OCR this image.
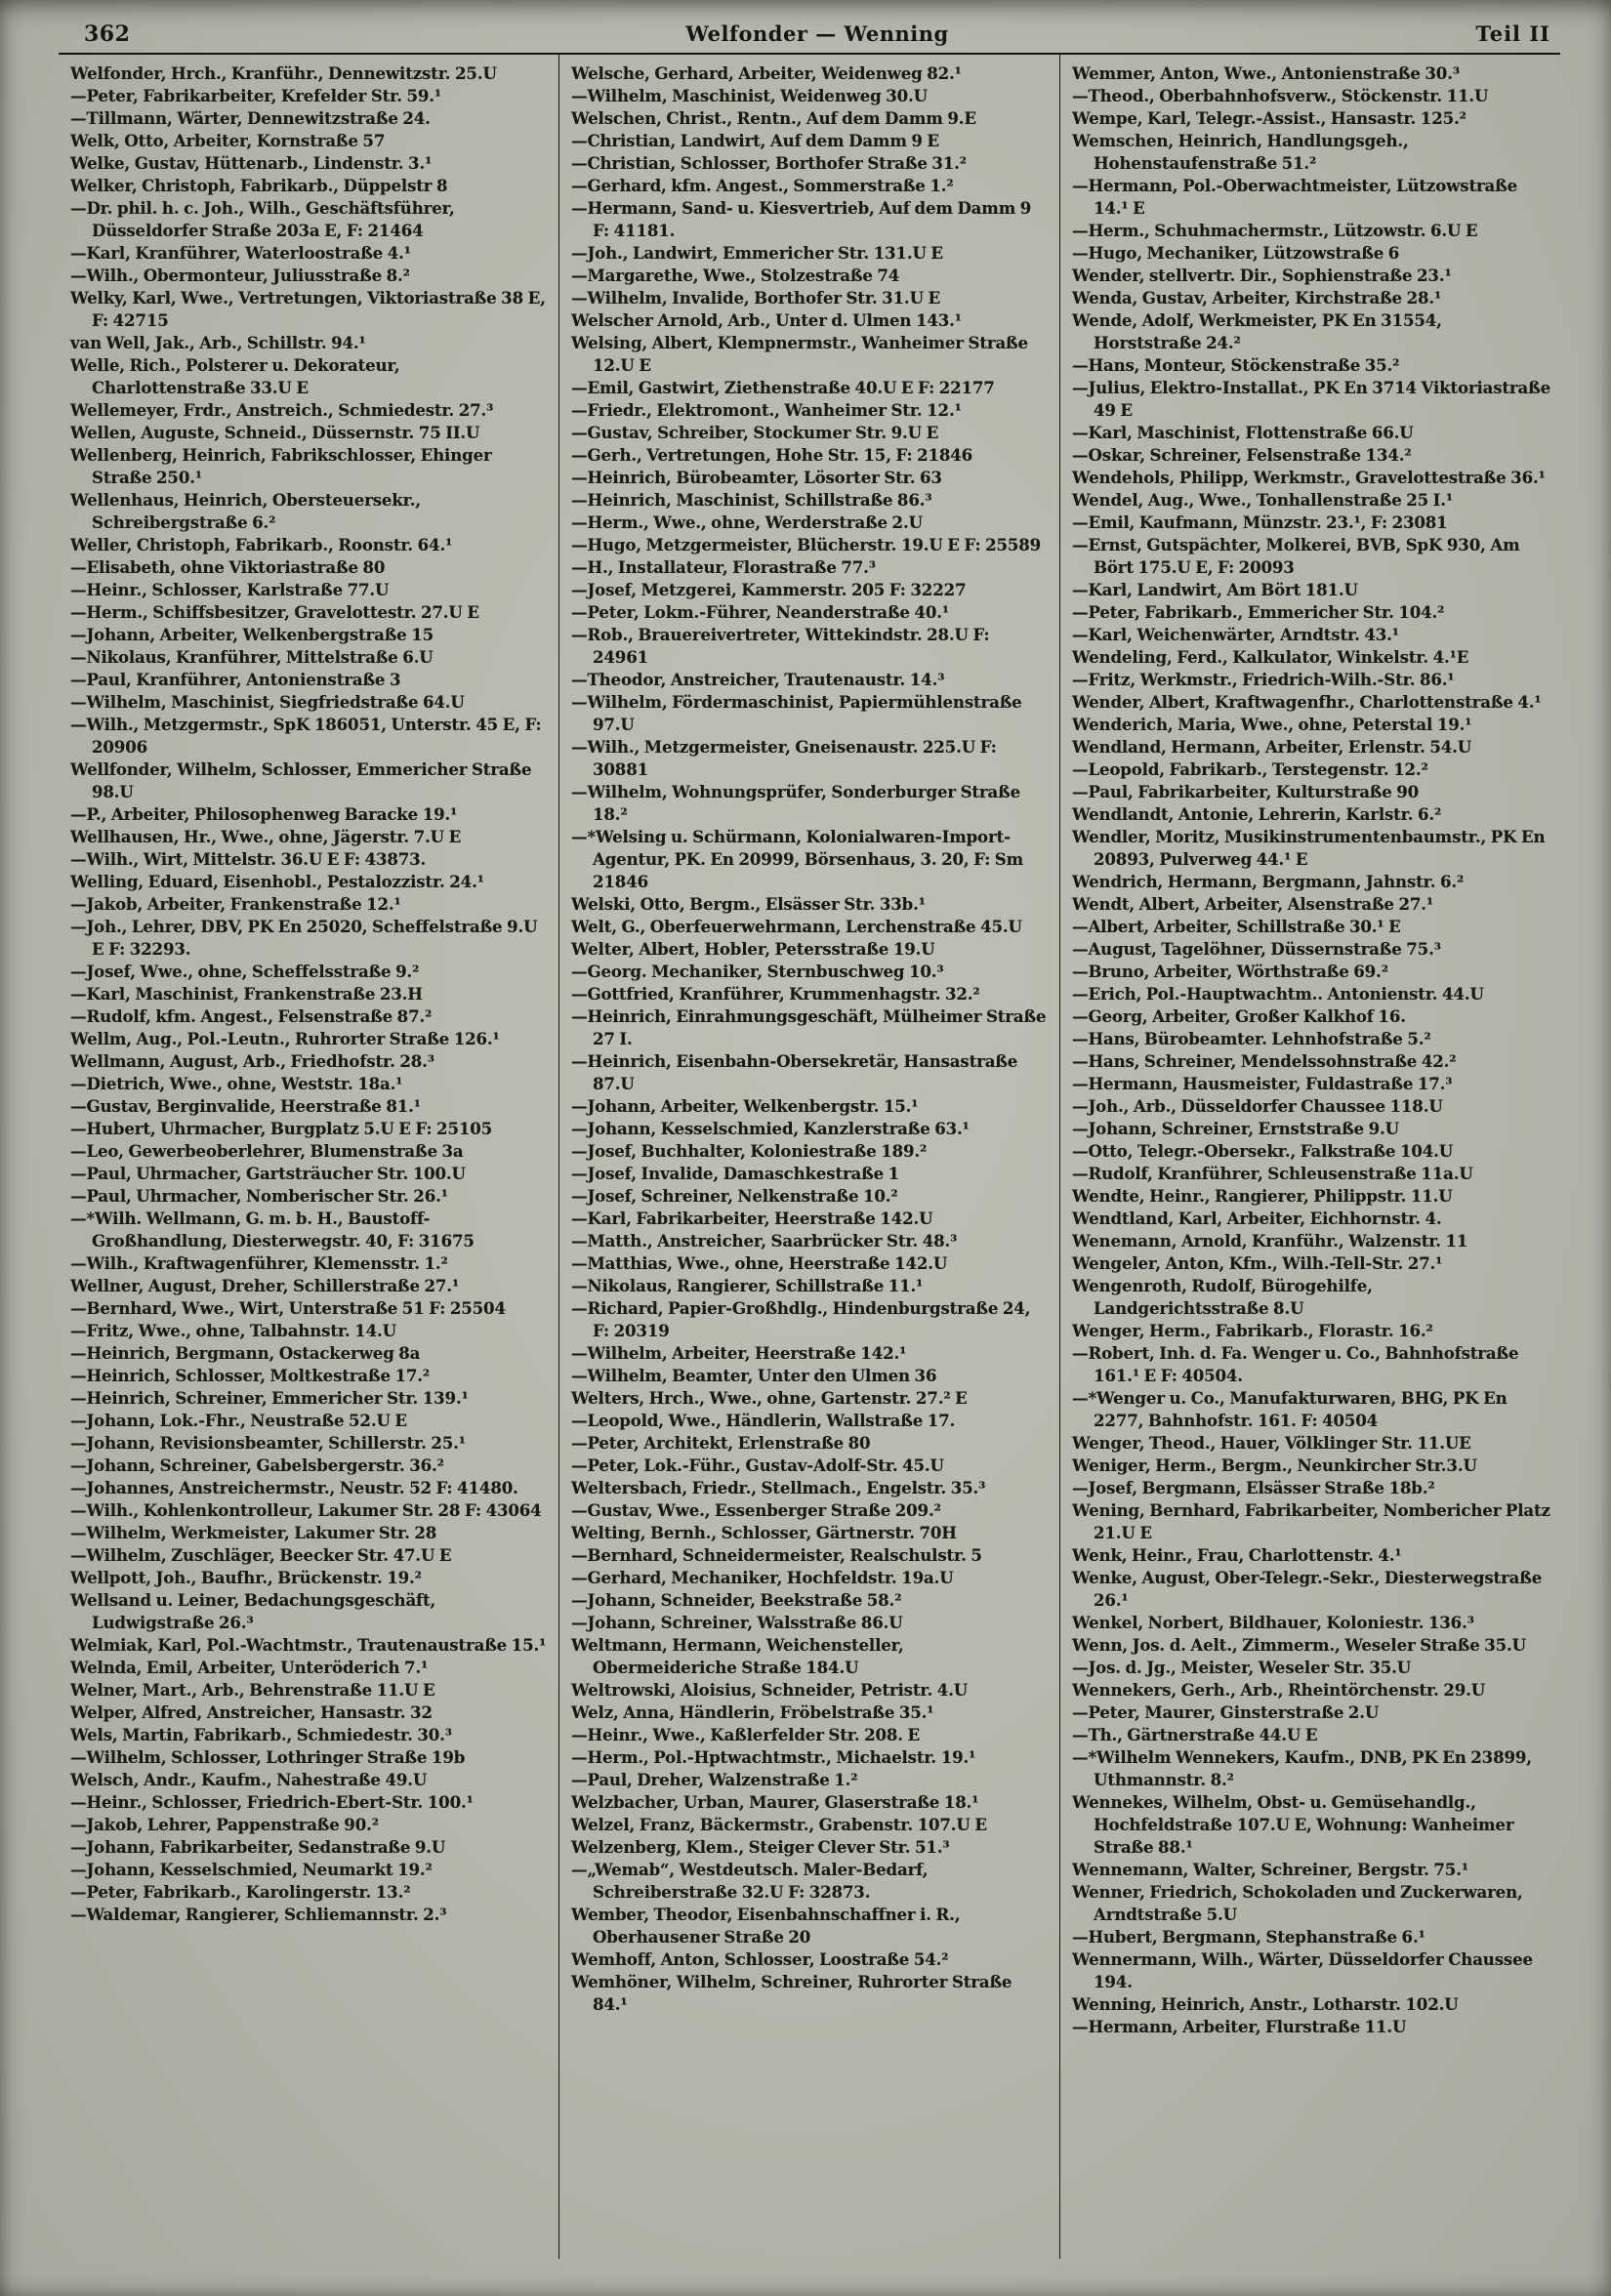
362	Welfonder — Wenning	Teil II
Welfonder, Hrch., Kranführ., Dennewitzstr. 25.U
—Peter, Fabrikarbeiter, Krefelder Str. 59.¹
—Tillmann, Wärter, Dennewitzstraße 24.
Welk, Otto, Arbeiter, Kornstraße 57
Welke, Gustav, Hüttenarb., Lindenstr. 3.¹
Welker, Christoph, Fabrikarb., Düppelstr 8
—Dr. phil. h. c. Joh., Wilh., Geschäftsführer, Düsseldorfer Straße 203a E, F: 21464
—Karl, Kranführer, Waterloostraße 4.¹
—Wilh., Obermonteur, Juliusstraße 8.²
Welky, Karl, Wwe., Vertretungen, Viktoriastraße 38 E, F: 42715
van Well, Jak., Arb., Schillstr. 94.¹
Welle, Rich., Polsterer u. Dekorateur, Charlottenstraße 33.U E
Wellemeyer, Frdr., Anstreich., Schmiedestr. 27.³
Wellen, Auguste, Schneid., Düssernstr. 75 II.U
Wellenberg, Heinrich, Fabrikschlosser, Ehinger Straße 250.¹
Wellenhaus, Heinrich, Obersteuersekr., Schreibergstraße 6.²
Weller, Christoph, Fabrikarb., Roonstr. 64.¹
—Elisabeth, ohne Viktoriastraße 80
—Heinr., Schlosser, Karlstraße 77.U
—Herm., Schiffsbesitzer, Gravelottestr. 27.U E
—Johann, Arbeiter, Welkenbergstraße 15
—Nikolaus, Kranführer, Mittelstraße 6.U
—Paul, Kranführer, Antonienstraße 3
—Wilhelm, Maschinist, Siegfriedstraße 64.U
—Wilh., Metzgermstr., SpK 186051, Unterstr. 45 E, F: 20906
Wellfonder, Wilhelm, Schlosser, Emmericher Straße 98.U
—P., Arbeiter, Philosophenweg Baracke 19.¹
Wellhausen, Hr., Wwe., ohne, Jägerstr. 7.U E
—Wilh., Wirt, Mittelstr. 36.U E F: 43873.
Welling, Eduard, Eisenhobl., Pestalozzistr. 24.¹
—Jakob, Arbeiter, Frankenstraße 12.¹
—Joh., Lehrer, DBV, PK En 25020, Scheffelstraße 9.U E F: 32293.
—Josef, Wwe., ohne, Scheffelsstraße 9.²
—Karl, Maschinist, Frankenstraße 23.H
—Rudolf, kfm. Angest., Felsenstraße 87.²
Wellm, Aug., Pol.-Leutn., Ruhrorter Straße 126.¹
Wellmann, August, Arb., Friedhofstr. 28.³
—Dietrich, Wwe., ohne, Weststr. 18a.¹
—Gustav, Berginvalide, Heerstraße 81.¹
—Hubert, Uhrmacher, Burgplatz 5.U E F: 25105
—Leo, Gewerbeoberlehrer, Blumenstraße 3a
—Paul, Uhrmacher, Gartsträucher Str. 100.U
—Paul, Uhrmacher, Nomberischer Str. 26.¹
—*Wilh. Wellmann, G. m. b. H., Baustoff-Großhandlung, Diesterwegstr. 40, F: 31675
—Wilh., Kraftwagenführer, Klemensstr. 1.²
Wellner, August, Dreher, Schillerstraße 27.¹
—Bernhard, Wwe., Wirt, Unterstraße 51 F: 25504
—Fritz, Wwe., ohne, Talbahnstr. 14.U
—Heinrich, Bergmann, Ostackerweg 8a
—Heinrich, Schlosser, Moltkestraße 17.²
—Heinrich, Schreiner, Emmericher Str. 139.¹
—Johann, Lok.-Fhr., Neustraße 52.U E
—Johann, Revisionsbeamter, Schillerstr. 25.¹
—Johann, Schreiner, Gabelsbergerstr. 36.²
—Johannes, Anstreichermstr., Neustr. 52 F: 41480.
—Wilh., Kohlenkontrolleur, Lakumer Str. 28 F: 43064
—Wilhelm, Werkmeister, Lakumer Str. 28
—Wilhelm, Zuschläger, Beecker Str. 47.U E
Wellpott, Joh., Baufhr., Brückenstr. 19.²
Wellsand u. Leiner, Bedachungsgeschäft, Ludwigstraße 26.³
Welmiak, Karl, Pol.-Wachtmstr., Trautenaustraße 15.¹
Welnda, Emil, Arbeiter, Unteröderich 7.¹
Welner, Mart., Arb., Behrenstraße 11.U E
Welper, Alfred, Anstreicher, Hansastr. 32
Wels, Martin, Fabrikarb., Schmiedestr. 30.³
—Wilhelm, Schlosser, Lothringer Straße 19b
Welsch, Andr., Kaufm., Nahestraße 49.U
—Heinr., Schlosser, Friedrich-Ebert-Str. 100.¹
—Jakob, Lehrer, Pappenstraße 90.²
—Johann, Fabrikarbeiter, Sedanstraße 9.U
—Johann, Kesselschmied, Neumarkt 19.²
—Peter, Fabrikarb., Karolingerstr. 13.²
—Waldemar, Rangierer, Schliemannstr. 2.³
Welsche, Gerhard, Arbeiter, Weidenweg 82.¹
—Wilhelm, Maschinist, Weidenweg 30.U
Welschen, Christ., Rentn., Auf dem Damm 9.E
—Christian, Landwirt, Auf dem Damm 9 E
—Christian, Schlosser, Borthofer Straße 31.²
—Gerhard, kfm. Angest., Sommerstraße 1.²
—Hermann, Sand- u. Kiesvertrieb, Auf dem Damm 9 F: 41181.
—Joh., Landwirt, Emmericher Str. 131.U E
—Margarethe, Wwe., Stolzestraße 74
—Wilhelm, Invalide, Borthofer Str. 31.U E
Welscher Arnold, Arb., Unter d. Ulmen 143.¹
Welsing, Albert, Klempnermstr., Wanheimer Straße 12.U E
—Emil, Gastwirt, Ziethenstraße 40.U E F: 22177
—Friedr., Elektromont., Wanheimer Str. 12.¹
—Gustav, Schreiber, Stockumer Str. 9.U E
—Gerh., Vertretungen, Hohe Str. 15, F: 21846
—Heinrich, Bürobeamter, Lösorter Str. 63
—Heinrich, Maschinist, Schillstraße 86.³
—Herm., Wwe., ohne, Werderstraße 2.U
—Hugo, Metzgermeister, Blücherstr. 19.U E F: 25589
—H., Installateur, Florastraße 77.³
—Josef, Metzgerei, Kammerstr. 205 F: 32227
—Peter, Lokm.-Führer, Neanderstraße 40.¹
—Rob., Brauereivertreter, Wittekindstr. 28.U F: 24961
—Theodor, Anstreicher, Trautenaustr. 14.³
—Wilhelm, Fördermaschinist, Papiermühlenstraße 97.U
—Wilh., Metzgermeister, Gneisenaustr. 225.U F: 30881
—Wilhelm, Wohnungsprüfer, Sonderburger Straße 18.²
—*Welsing u. Schürmann, Kolonialwaren-Import-Agentur, PK. En 20999, Börsenhaus, 3. 20, F: Sm 21846
Welski, Otto, Bergm., Elsässer Str. 33b.¹
Welt, G., Oberfeuerwehrmann, Lerchenstraße 45.U
Welter, Albert, Hobler, Petersstraße 19.U
—Georg. Mechaniker, Sternbuschweg 10.³
—Gottfried, Kranführer, Krummenhagstr. 32.²
—Heinrich, Einrahmungsgeschäft, Mülheimer Straße 27 I.
—Heinrich, Eisenbahn-Obersekretär, Hansastraße 87.U
—Johann, Arbeiter, Welkenbergstr. 15.¹
—Johann, Kesselschmied, Kanzlerstraße 63.¹
—Josef, Buchhalter, Koloniestraße 189.²
—Josef, Invalide, Damaschkestraße 1
—Josef, Schreiner, Nelkenstraße 10.²
—Karl, Fabrikarbeiter, Heerstraße 142.U
—Matth., Anstreicher, Saarbrücker Str. 48.³
—Matthias, Wwe., ohne, Heerstraße 142.U
—Nikolaus, Rangierer, Schillstraße 11.¹
—Richard, Papier-Großhdlg., Hindenburgstraße 24, F: 20319
—Wilhelm, Arbeiter, Heerstraße 142.¹
—Wilhelm, Beamter, Unter den Ulmen 36
Welters, Hrch., Wwe., ohne, Gartenstr. 27.² E
—Leopold, Wwe., Händlerin, Wallstraße 17.
—Peter, Architekt, Erlenstraße 80
—Peter, Lok.-Führ., Gustav-Adolf-Str. 45.U
Weltersbach, Friedr., Stellmach., Engelstr. 35.³
—Gustav, Wwe., Essenberger Straße 209.²
Welting, Bernh., Schlosser, Gärtnerstr. 70H
—Bernhard, Schneidermeister, Realschulstr. 5
—Gerhard, Mechaniker, Hochfeldstr. 19a.U
—Johann, Schneider, Beekstraße 58.²
—Johann, Schreiner, Walsstraße 86.U
Weltmann, Hermann, Weichensteller, Obermeideriche Straße 184.U
Weltrowski, Aloisius, Schneider, Petristr. 4.U
Welz, Anna, Händlerin, Fröbelstraße 35.¹
—Heinr., Wwe., Kaßlerfelder Str. 208. E
—Herm., Pol.-Hptwachtmstr., Michaelstr. 19.¹
—Paul, Dreher, Walzenstraße 1.²
Welzbacher, Urban, Maurer, Glaserstraße 18.¹
Welzel, Franz, Bäckermstr., Grabenstr. 107.U E
Welzenberg, Klem., Steiger Clever Str. 51.³
—„Wemab“, Westdeutsch. Maler-Bedarf, Schreiberstraße 32.U F: 32873.
Wember, Theodor, Eisenbahnschaffner i. R., Oberhausener Straße 20
Wemhoff, Anton, Schlosser, Loostraße 54.²
Wemhöner, Wilhelm, Schreiner, Ruhrorter Straße 84.¹
Wemmer, Anton, Wwe., Antonienstraße 30.³
—Theod., Oberbahnhofsverw., Stöckenstr. 11.U
Wempe, Karl, Telegr.-Assist., Hansastr. 125.²
Wemschen, Heinrich, Handlungsgeh., Hohenstaufenstraße 51.²
—Hermann, Pol.-Oberwachtmeister, Lützowstraße 14.¹ E
—Herm., Schuhmachermstr., Lützowstr. 6.U E
—Hugo, Mechaniker, Lützowstraße 6
Wender, stellvertr. Dir., Sophienstraße 23.¹
Wenda, Gustav, Arbeiter, Kirchstraße 28.¹
Wende, Adolf, Werkmeister, PK En 31554, Horststraße 24.²
—Hans, Monteur, Stöckenstraße 35.²
—Julius, Elektro-Installat., PK En 3714 Viktoriastraße 49 E
—Karl, Maschinist, Flottenstraße 66.U
—Oskar, Schreiner, Felsenstraße 134.²
Wendehols, Philipp, Werkmstr., Gravelottestraße 36.¹
Wendel, Aug., Wwe., Tonhallenstraße 25 I.¹
—Emil, Kaufmann, Münzstr. 23.¹, F: 23081
—Ernst, Gutspächter, Molkerei, BVB, SpK 930, Am Bört 175.U E, F: 20093
—Karl, Landwirt, Am Bört 181.U
—Peter, Fabrikarb., Emmericher Str. 104.²
—Karl, Weichenwärter, Arndtstr. 43.¹
Wendeling, Ferd., Kalkulator, Winkelstr. 4.¹E
—Fritz, Werkmstr., Friedrich-Wilh.-Str. 86.¹
Wender, Albert, Kraftwagenfhr., Charlottenstraße 4.¹
Wenderich, Maria, Wwe., ohne, Peterstal 19.¹
Wendland, Hermann, Arbeiter, Erlenstr. 54.U
—Leopold, Fabrikarb., Terstegenstr. 12.²
—Paul, Fabrikarbeiter, Kulturstraße 90
Wendlandt, Antonie, Lehrerin, Karlstr. 6.²
Wendler, Moritz, Musikinstrumentenbaumstr., PK En 20893, Pulverweg 44.¹ E
Wendrich, Hermann, Bergmann, Jahnstr. 6.²
Wendt, Albert, Arbeiter, Alsenstraße 27.¹
—Albert, Arbeiter, Schillstraße 30.¹ E
—August, Tagelöhner, Düssernstraße 75.³
—Bruno, Arbeiter, Wörthstraße 69.²
—Erich, Pol.-Hauptwachtm.. Antonienstr. 44.U
—Georg, Arbeiter, Großer Kalkhof 16.
—Hans, Bürobeamter. Lehnhofstraße 5.²
—Hans, Schreiner, Mendelssohnstraße 42.²
—Hermann, Hausmeister, Fuldastraße 17.³
—Joh., Arb., Düsseldorfer Chaussee 118.U
—Johann, Schreiner, Ernststraße 9.U
—Otto, Telegr.-Obersekr., Falkstraße 104.U
—Rudolf, Kranführer, Schleusenstraße 11a.U
Wendte, Heinr., Rangierer, Philippstr. 11.U
Wendtland, Karl, Arbeiter, Eichhornstr. 4.
Wenemann, Arnold, Kranführ., Walzenstr. 11
Wengeler, Anton, Kfm., Wilh.-Tell-Str. 27.¹
Wengenroth, Rudolf, Bürogehilfe, Landgerichtsstraße 8.U
Wenger, Herm., Fabrikarb., Florastr. 16.²
—Robert, Inh. d. Fa. Wenger u. Co., Bahnhofstraße 161.¹ E F: 40504.
—*Wenger u. Co., Manufakturwaren, BHG, PK En 2277, Bahnhofstr. 161. F: 40504
Wenger, Theod., Hauer, Völklinger Str. 11.UE
Weniger, Herm., Bergm., Neunkircher Str.3.U
—Josef, Bergmann, Elsässer Straße 18b.²
Wening, Bernhard, Fabrikarbeiter, Nombericher Platz 21.U E
Wenk, Heinr., Frau, Charlottenstr. 4.¹
Wenke, August, Ober-Telegr.-Sekr., Diesterwegstraße 26.¹
Wenkel, Norbert, Bildhauer, Koloniestr. 136.³
Wenn, Jos. d. Aelt., Zimmerm., Weseler Straße 35.U
—Jos. d. Jg., Meister, Weseler Str. 35.U
Wennekers, Gerh., Arb., Rheintörchenstr. 29.U
—Peter, Maurer, Ginsterstraße 2.U
—Th., Gärtnerstraße 44.U E
—*Wilhelm Wennekers, Kaufm., DNB, PK En 23899, Uthmannstr. 8.²
Wennekes, Wilhelm, Obst- u. Gemüsehandlg., Hochfeldstraße 107.U E, Wohnung: Wanheimer Straße 88.¹
Wennemann, Walter, Schreiner, Bergstr. 75.¹
Wenner, Friedrich, Schokoladen und Zuckerwaren, Arndtstraße 5.U
—Hubert, Bergmann, Stephanstraße 6.¹
Wennermann, Wilh., Wärter, Düsseldorfer Chaussee 194.
Wenning, Heinrich, Anstr., Lotharstr. 102.U
—Hermann, Arbeiter, Flurstraße 11.U
